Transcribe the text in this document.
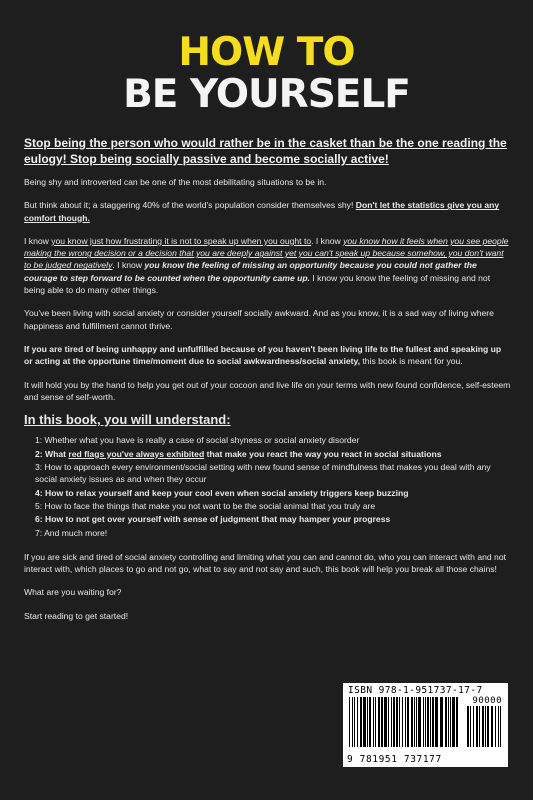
HOW TO
BE YOURSELF
Stop being the person who would rather be in the casket than be the one reading the eulogy! Stop being socially passive and become socially active!

Being shy and introverted can be one of the most debilitating situations to be in.

But think about it; a staggering 40% of the world's population consider themselves shy! Don't let the statistics give you any comfort though.

I know you know just how frustrating it is not to speak up when you ought to. I know you know how it feels when you see people making the wrong decision or a decision that you are deeply against yet you can't speak up because somehow, you don't want to be judged negatively. I know you know the feeling of missing an opportunity because you could not gather the courage to step forward to be counted when the opportunity came up. I know you know the feeling of missing and not being able to do many other things.

You've been living with social anxiety or consider yourself socially awkward. And as you know, it is a sad way of living where happiness and fulfillment cannot thrive.

If you are tired of being unhappy and unfulfilled because of you haven't been living life to the fullest and speaking up or acting at the opportune time/moment due to social awkwardness/social anxiety, this book is meant for you.

It will hold you by the hand to help you get out of your cocoon and live life on your terms with new found confidence, self-esteem and sense of self-worth.

In this book, you will understand:
1: Whether what you have is really a case of social shyness or social anxiety disorder
2: What red flags you've always exhibited that make you react the way you react in social situations
3: How to approach every environment/social setting with new found sense of mindfulness that makes you deal with any social anxiety issues as and when they occur
4: How to relax yourself and keep your cool even when social anxiety triggers keep buzzing
5: How to face the things that make you not want to be the social animal that you truly are
6: How to not get over yourself with sense of judgment that may hamper your progress
7: And much more!

If you are sick and tired of social anxiety controlling and limiting what you can and cannot do, who you can interact with and not interact with, which places to go and not go, what to say and not say and such, this book will help you break all those chains!

What are you waiting for?

Start reading to get started!

ISBN 978-1-951737-17-7
90000
9 781951 737177
